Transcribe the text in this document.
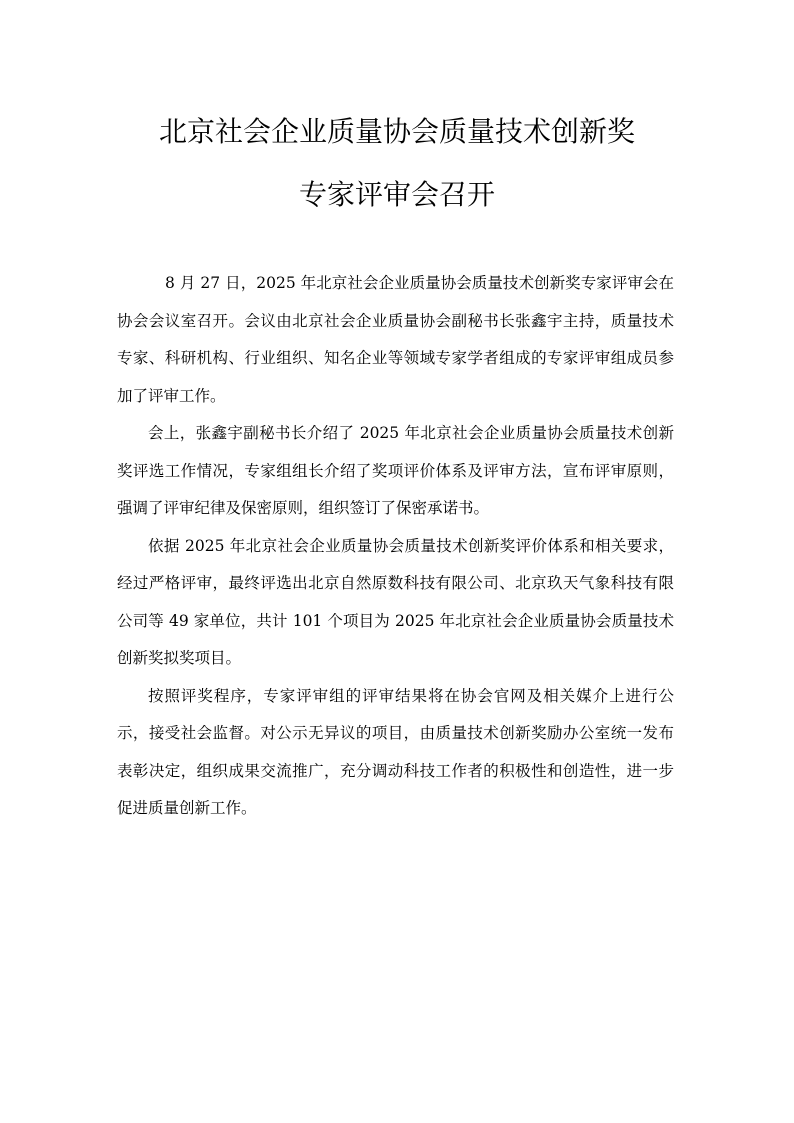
北京社会企业质量协会质量技术创新奖
专家评审会召开

8 月 27 日，2025 年北京社会企业质量协会质量技术创新奖专家评审会在协会会议室召开。会议由北京社会企业质量协会副秘书长张鑫宇主持，质量技术专家、科研机构、行业组织、知名企业等领域专家学者组成的专家评审组成员参加了评审工作。

会上，张鑫宇副秘书长介绍了 2025 年北京社会企业质量协会质量技术创新奖评选工作情况，专家组组长介绍了奖项评价体系及评审方法，宣布评审原则，强调了评审纪律及保密原则，组织签订了保密承诺书。

依据 2025 年北京社会企业质量协会质量技术创新奖评价体系和相关要求，经过严格评审，最终评选出北京自然原数科技有限公司、北京玖天气象科技有限公司等 49 家单位，共计 101 个项目为 2025 年北京社会企业质量协会质量技术创新奖拟奖项目。

按照评奖程序，专家评审组的评审结果将在协会官网及相关媒介上进行公示，接受社会监督。对公示无异议的项目，由质量技术创新奖励办公室统一发布表彰决定，组织成果交流推广，充分调动科技工作者的积极性和创造性，进一步促进质量创新工作。
